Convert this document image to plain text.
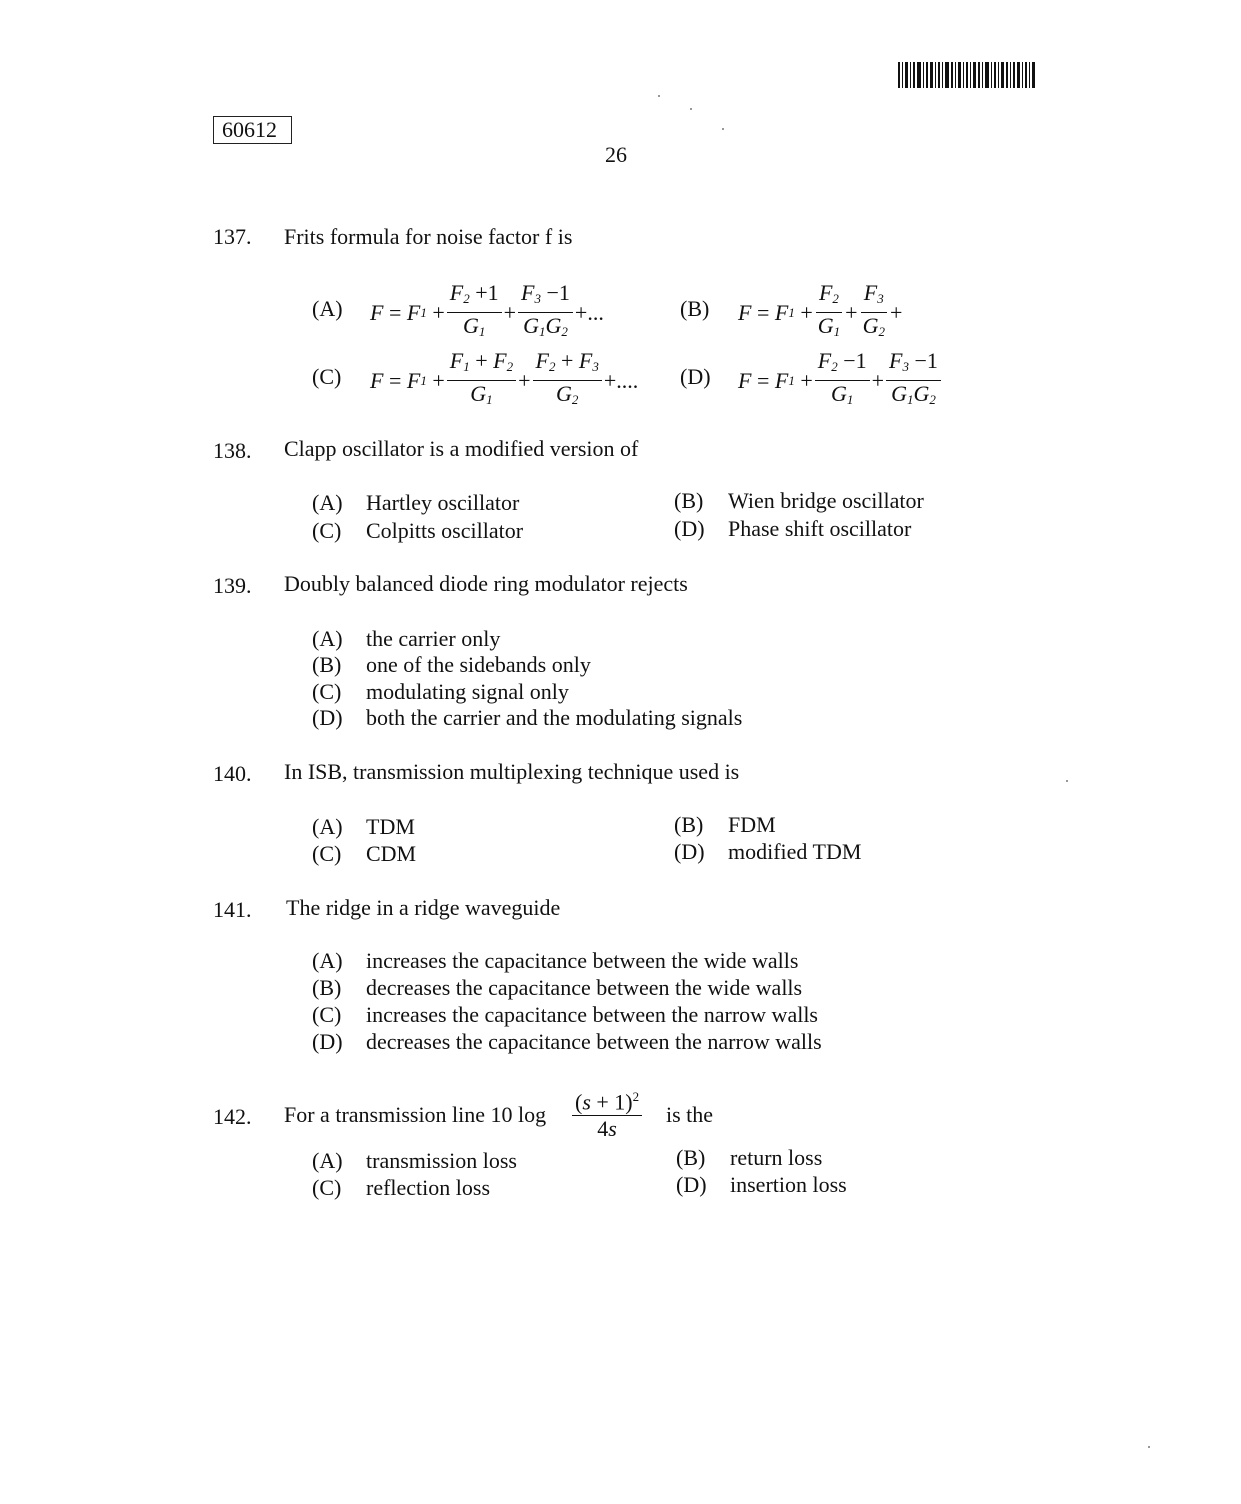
60612
26
137. Frits formula for noise factor f is
(A) F = F 1
+ $\frac{F_2 +1}{G_1} + \frac{F_3 -1}{G_1G_2}$ +...	(B) F = F 1
+ $\frac{F_2}{G_1} + \frac{F_3}{G_2}$ +
(C) F = F 1
+ $\frac{F_1 + F_2}{G_1} + \frac{F_2 + F_3}{G_2}$ +.... (D) F = F 1
+ $\frac{F_2 -1}{G_1} + \frac{F_3 -1}{G_1G_2}$
138. Clapp oscillator is a modified version of
(A) Hartley oscillator	(B) Wien bridge oscillator
(C) Colpitts oscillator	(D) Phase shift oscillator
139. Doubly balanced diode ring modulator rejects
(A) the carrier only
(B) one of the sidebands only
(C) modulating signal only
(D) both the carrier and the modulating signals
140. In ISB, transmission multiplexing technique used is
(A) TDM	(B) FDM
(C) CDM	(D) modified TDM
141. The ridge in a ridge waveguide
(A) increases the capacitance between the wide walls
(B) decreases the capacitance between the wide walls
(C) increases the capacitance between the narrow walls
(D) decreases the capacitance between the narrow walls
142. For a transmission line 10 $\log \frac{(s + 1)^2}{4s}$ is the
(A) transmission loss	(B) return loss
(C) reflection loss	(D) insertion loss
